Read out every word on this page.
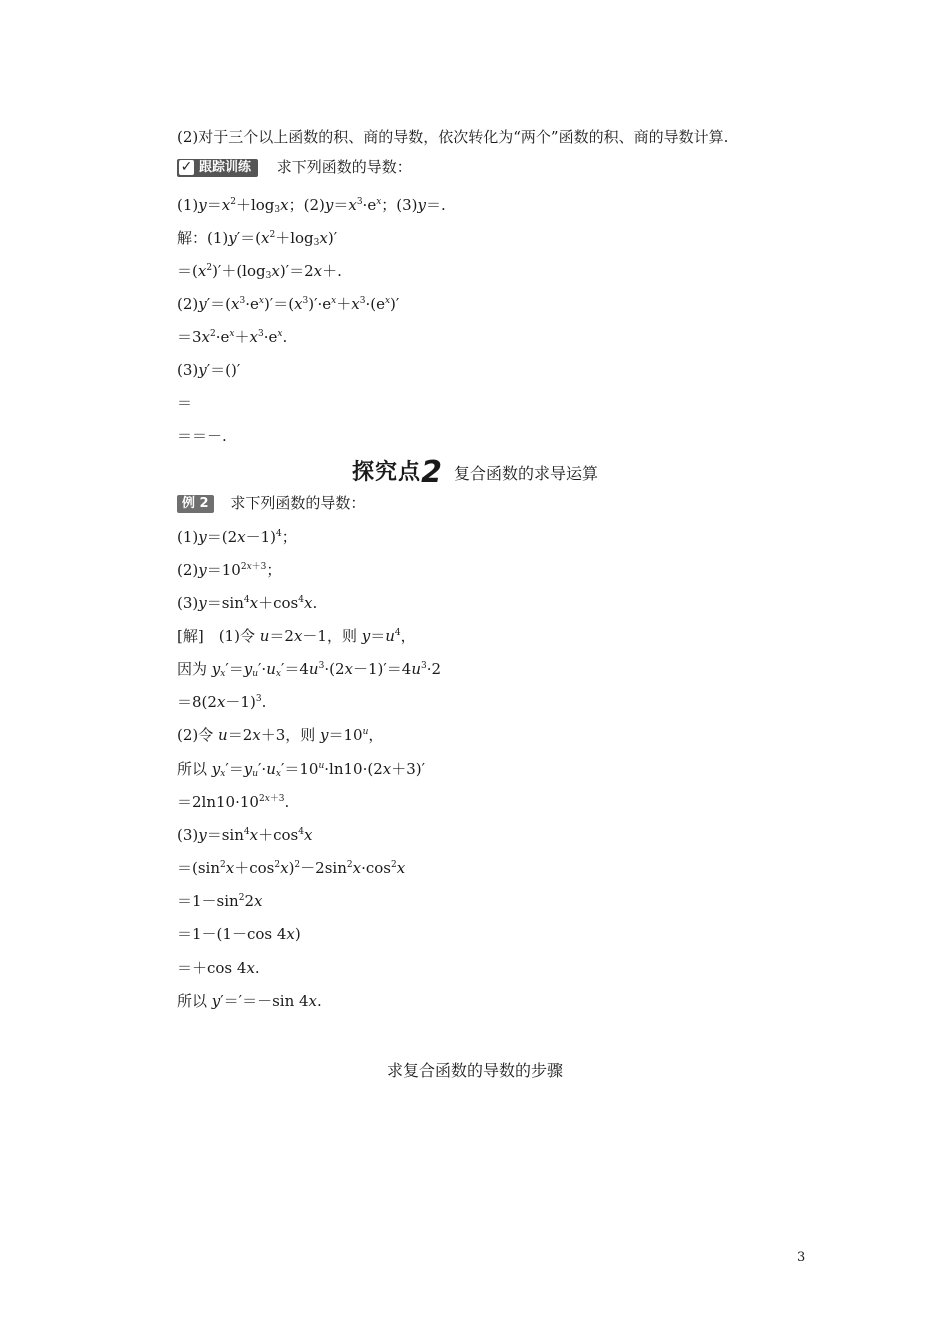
(2)对于三个以上函数的积、商的导数，依次转化为“两个”函数的积、商的导数计算.
✓ 跟踪训练 求下列函数的导数：
$(1)y=x^2+\log_3x$；$(2)y=x^3\cdot e^x$；(3)y＝.
解：$(1)y'=(x^2+\log_3x)'$
$=(x^2)'+(\log_3x)'=2x+$.
$(2)y'=(x^3\cdot e^x)'=(x^3)'\cdot e^x+x^3\cdot(e^x)'$
$=3x^2\cdot e^x+x^3\cdot e^x$.
(3)y′＝()′
＝
＝＝－.
探究点2 复合函数的求导运算
例 2 求下列函数的导数：
$(1)y=(2x-1)^4$；
$(2)y=10^{2x+3}$；
$(3)y=\sin^4x+\cos^4x$.
[解]　(1)令 u＝2x－1，则 $y=u^4$，
因为 $y_x'=y_u'\cdot u_x'=4u^3\cdot(2x-1)'=4u^3\cdot 2$
$=8(2x-1)^3$.
(2)令 u＝2x＋3，则 $y=10^u$，
所以 $y_x'=y_u'\cdot u_x'=10^u\cdot\ln 10\cdot(2x+3)'$
$=2\ln 10\cdot 10^{2x+3}$.
$(3)y=\sin^4x+\cos^4x$
$=(\sin^2x+\cos^2x)^2-2\sin^2x\cdot\cos^2x$
$=1-\sin^22x$
＝1－(1－cos 4x)
＝＋cos 4x.
所以 y′＝′＝－sin 4x.
求复合函数的导数的步骤
3
